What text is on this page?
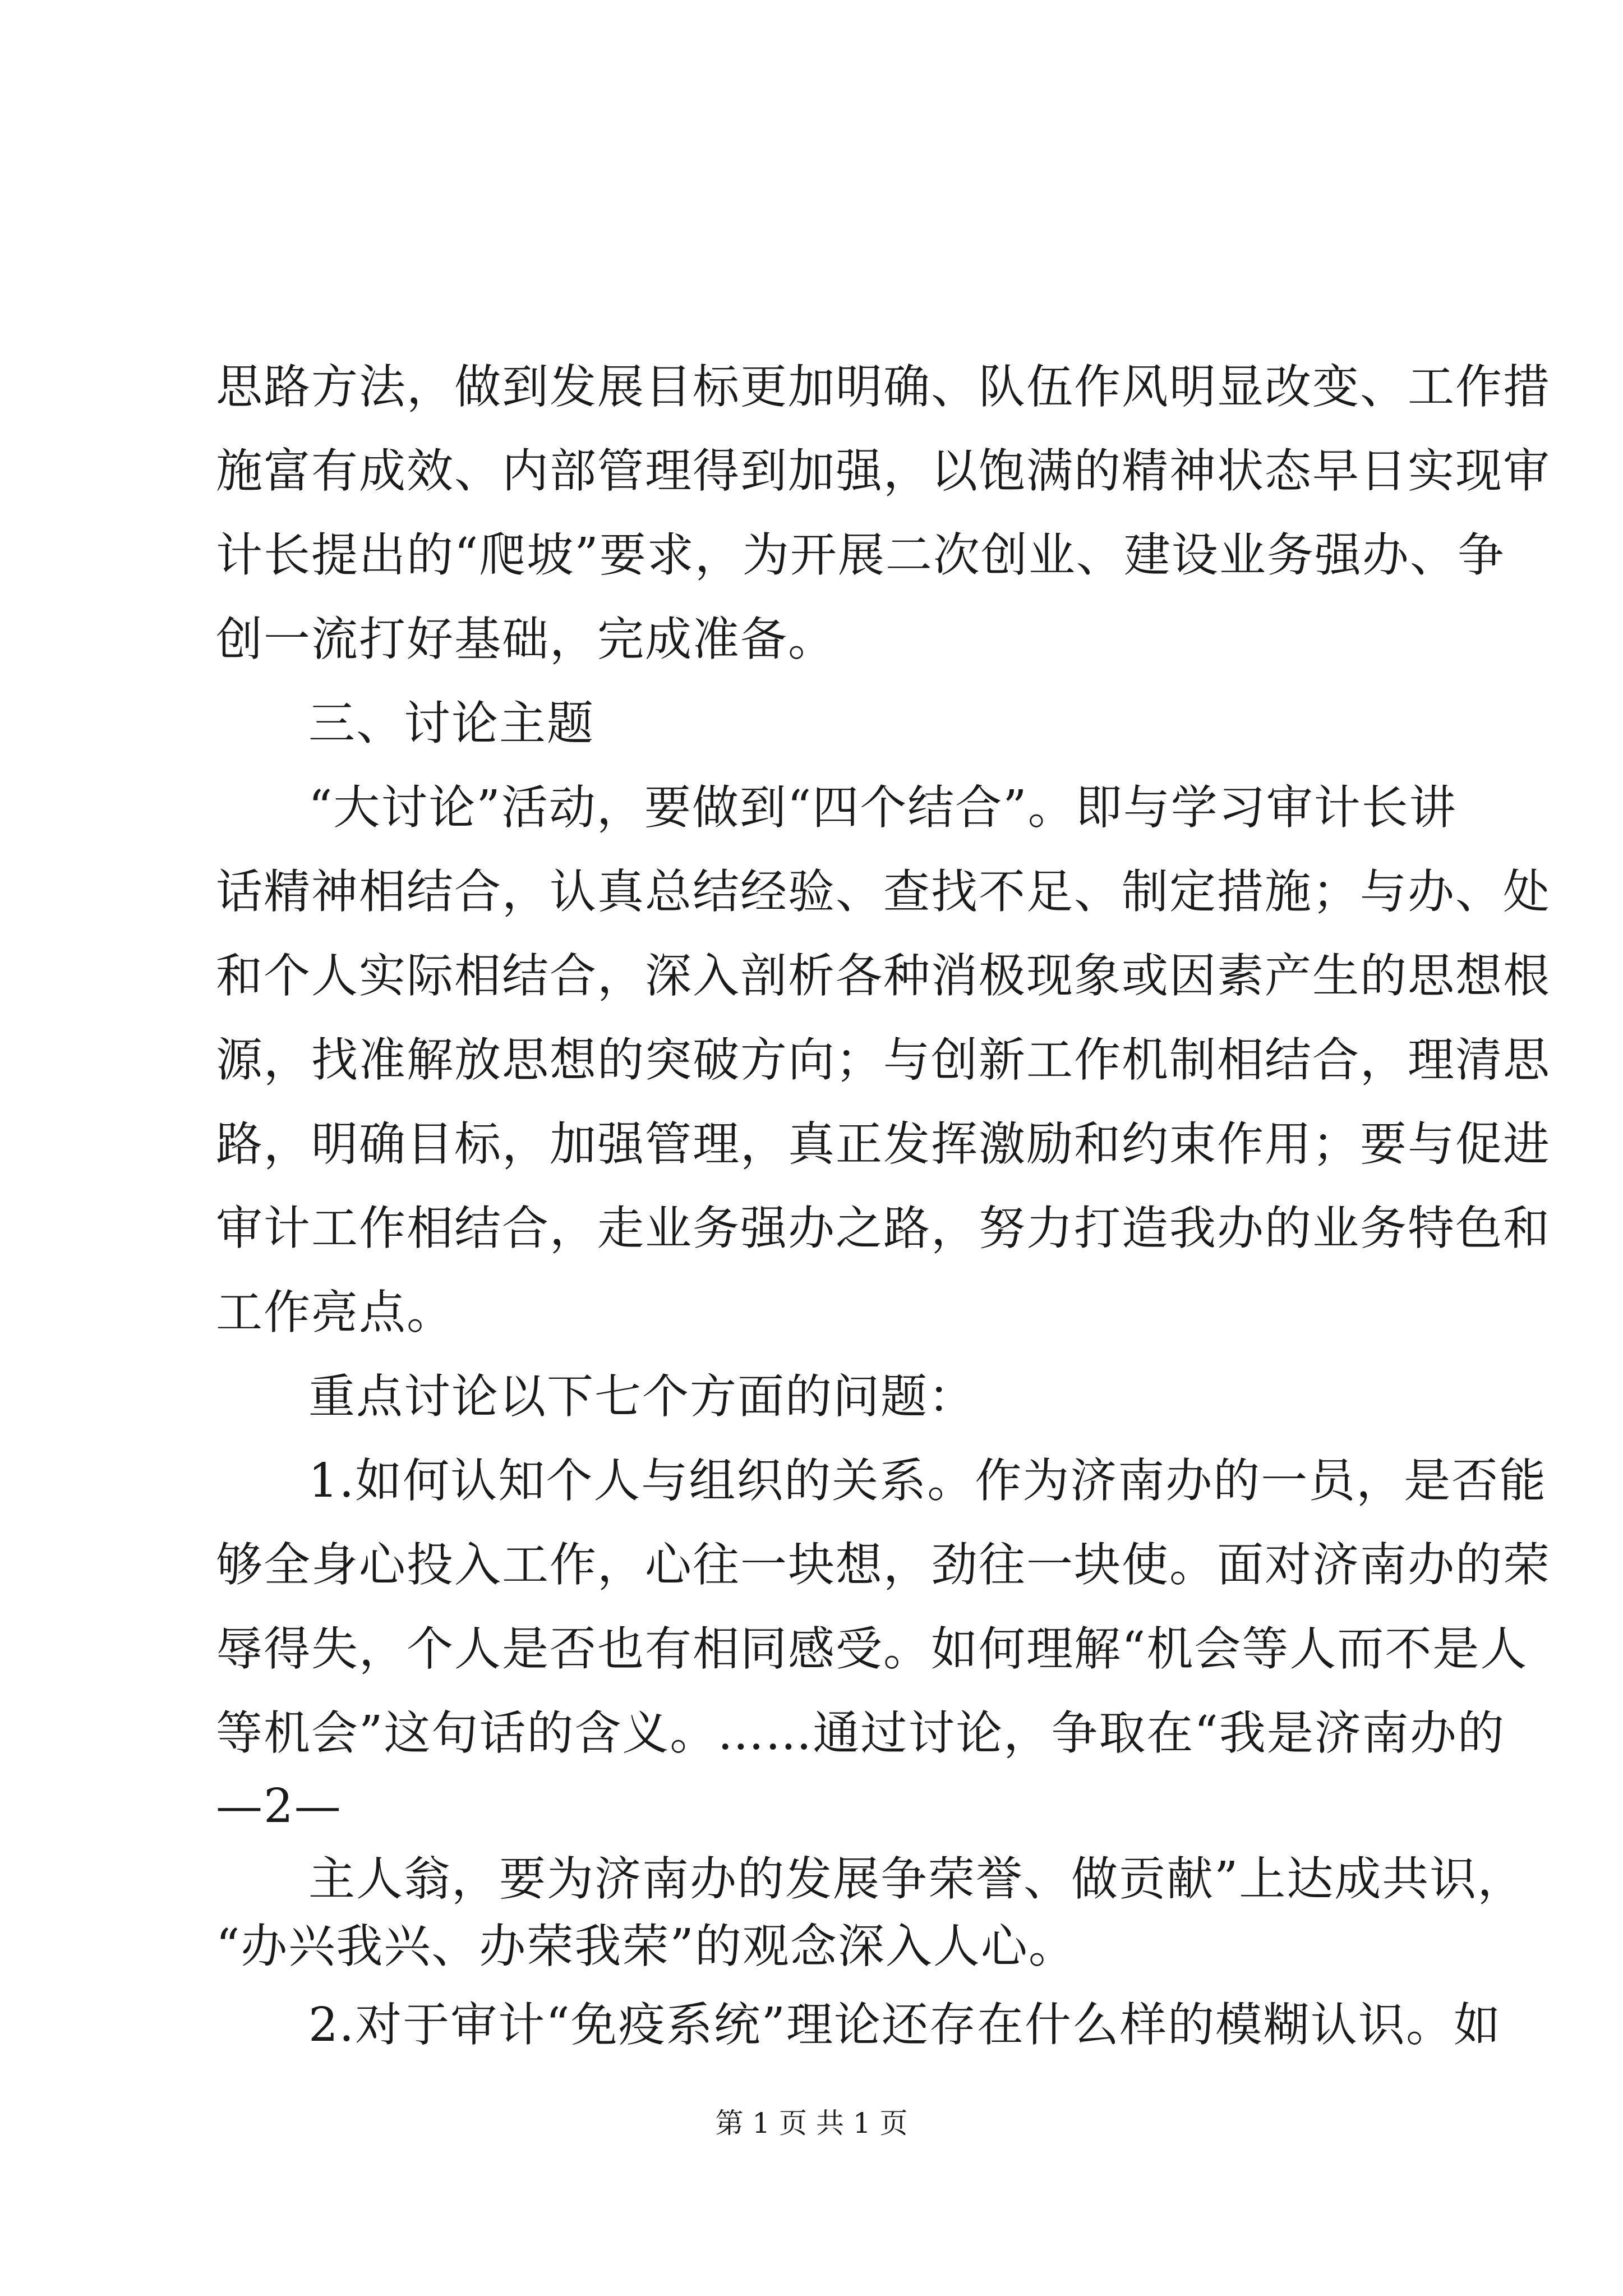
思路方法，做到发展目标更加明确、队伍作风明显改变、工作措
施富有成效、内部管理得到加强，以饱满的精神状态早日实现审
计长提出的“爬坡”要求，为开展二次创业、建设业务强办、争
创一流打好基础，完成准备。
三、讨论主题
“大讨论”活动，要做到“四个结合”。即与学习审计长讲
话精神相结合，认真总结经验、查找不足、制定措施；与办、处
和个人实际相结合，深入剖析各种消极现象或因素产生的思想根
源，找准解放思想的突破方向；与创新工作机制相结合，理清思
路，明确目标，加强管理，真正发挥激励和约束作用；要与促进
审计工作相结合，走业务强办之路，努力打造我办的业务特色和
工作亮点。
重点讨论以下七个方面的问题：
1.如何认知个人与组织的关系。作为济南办的一员，是否能
够全身心投入工作，心往一块想，劲往一块使。面对济南办的荣
辱得失，个人是否也有相同感受。如何理解“机会等人而不是人
等机会”这句话的含义。……通过讨论，争取在“我是济南办的
—2—
主人翁，要为济南办的发展争荣誉、做贡献”上达成共识，
“办兴我兴、办荣我荣”的观念深入人心。
2.对于审计“免疫系统”理论还存在什么样的模糊认识。如
第 1 页 共 1 页
